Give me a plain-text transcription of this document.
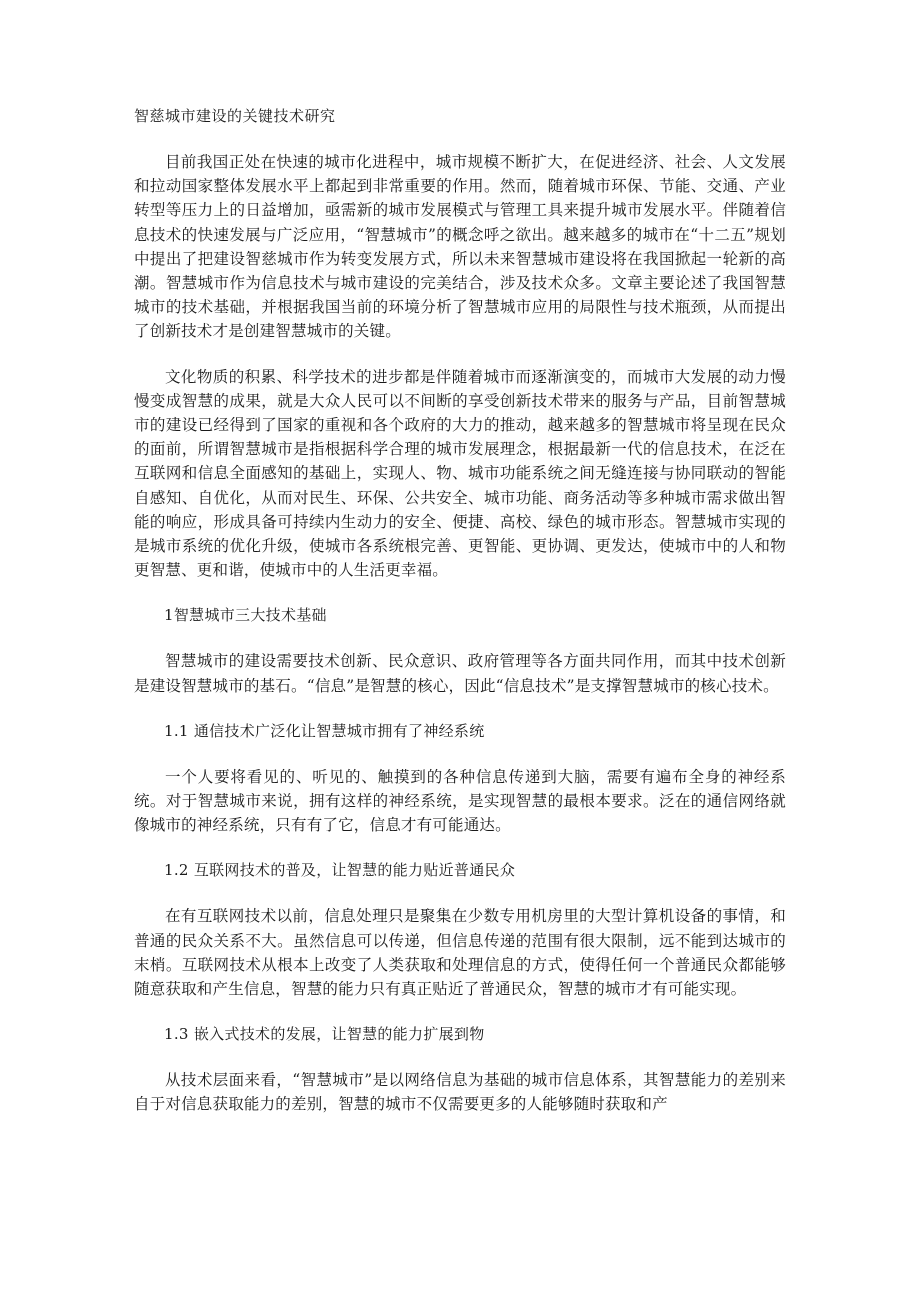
智慈城市建设的关键技术研究

目前我国正处在快速的城市化进程中，城市规模不断扩大，在促进经济、社会、人文发展和拉动国家整体发展水平上都起到非常重要的作用。然而，随着城市环保、节能、交通、产业转型等压力上的日益增加，亟需新的城市发展模式与管理工具来提升城市发展水平。伴随着信息技术的快速发展与广泛应用，“智慧城市”的概念呼之欲出。越来越多的城市在“十二五”规划中提出了把建设智慈城市作为转变发展方式，所以未来智慧城市建设将在我国掀起一轮新的高潮。智慧城市作为信息技术与城市建设的完美结合，涉及技术众多。文章主要论述了我国智慧城市的技术基础，并根据我国当前的环境分析了智慧城市应用的局限性与技术瓶颈，从而提出了创新技术才是创建智慧城市的关键。

文化物质的积累、科学技术的进步都是伴随着城市而逐渐演变的，而城市大发展的动力慢慢变成智慧的成果，就是大众人民可以不间断的享受创新技术带来的服务与产品，目前智慧城市的建设已经得到了国家的重视和各个政府的大力的推动，越来越多的智慧城市将呈现在民众的面前，所谓智慧城市是指根据科学合理的城市发展理念，根据最新一代的信息技术，在泛在互联网和信息全面感知的基础上，实现人、物、城市功能系统之间无缝连接与协同联动的智能自感知、自优化，从而对民生、环保、公共安全、城市功能、商务活动等多种城市需求做出智能的响应，形成具备可持续内生动力的安全、便捷、高校、绿色的城市形态。智慧城市实现的是城市系统的优化升级，使城市各系统根完善、更智能、更协调、更发达，使城市中的人和物更智慧、更和谐，使城市中的人生活更幸福。

1智慧城市三大技术基础

智慧城市的建设需要技术创新、民众意识、政府管理等各方面共同作用，而其中技术创新是建设智慧城市的基石。“信息”是智慧的核心，因此“信息技术”是支撑智慧城市的核心技术。

1.1 通信技术广泛化让智慧城市拥有了神经系统

一个人要将看见的、听见的、触摸到的各种信息传递到大脑，需要有遍布全身的神经系统。对于智慧城市来说，拥有这样的神经系统，是实现智慧的最根本要求。泛在的通信网络就像城市的神经系统，只有有了它，信息才有可能通达。

1.2 互联网技术的普及，让智慧的能力贴近普通民众

在有互联网技术以前，信息处理只是聚集在少数专用机房里的大型计算机设备的事情，和普通的民众关系不大。虽然信息可以传递，但信息传递的范围有很大限制，远不能到达城市的末梢。互联网技术从根本上改变了人类获取和处理信息的方式，使得任何一个普通民众都能够随意获取和产生信息，智慧的能力只有真正贴近了普通民众，智慧的城市才有可能实现。

1.3 嵌入式技术的发展，让智慧的能力扩展到物

从技术层面来看，“智慧城市”是以网络信息为基础的城市信息体系，其智慧能力的差别来自于对信息获取能力的差别，智慧的城市不仅需要更多的人能够随时获取和产
